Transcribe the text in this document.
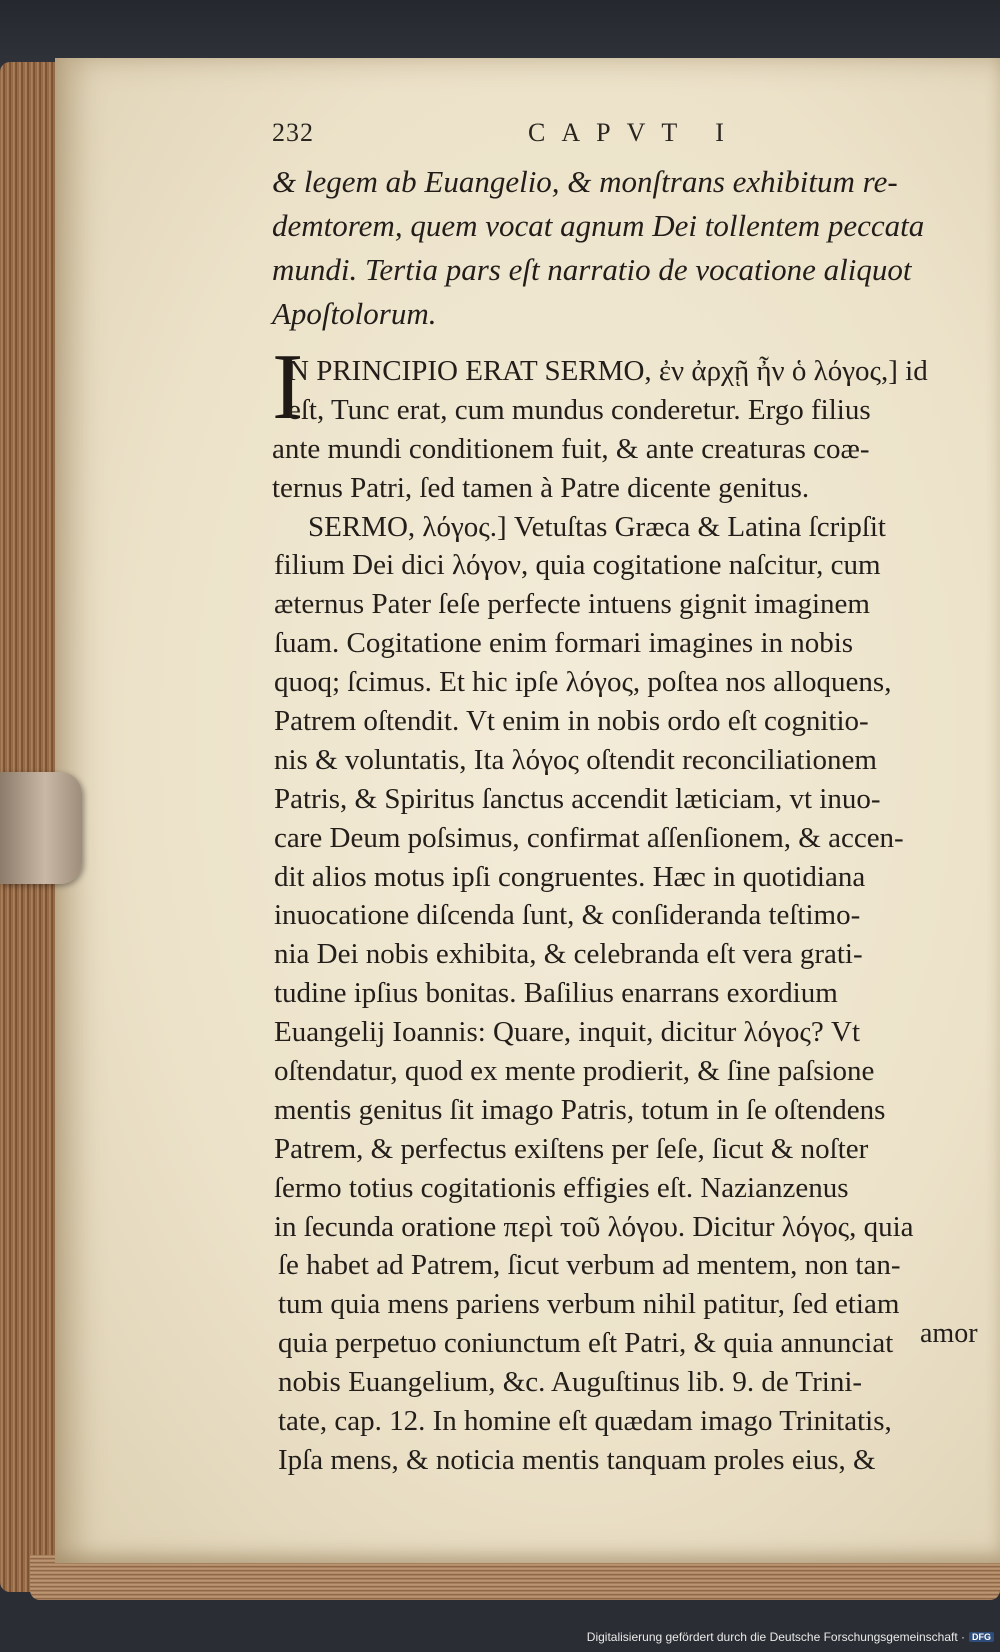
232	CAPVT I
& legem ab Euangelio, & monſtrans exhibitum re-
demtorem, quem vocat agnum Dei tollentem peccata
mundi. Tertia pars eſt narratio de vocatione aliquot
Apoſtolorum.
I
N PRINCIPIO ERAT SERMO, ἐν ἀρχῇ ἦν ὁ λόγος,] id
eſt, Tunc erat, cum mundus conderetur. Ergo filius
ante mundi conditionem fuit, & ante creaturas coæ-
ternus Patri, ſed tamen à Patre dicente genitus.
SERMO, λόγος.] Vetuſtas Græca & Latina ſcripſit
filium Dei dici λόγον, quia cogitatione naſcitur, cum
æternus Pater ſeſe perfecte intuens gignit imaginem
ſuam. Cogitatione enim formari imagines in nobis
quoq; ſcimus. Et hic ipſe λόγος, poſtea nos alloquens,
Patrem oſtendit. Vt enim in nobis ordo eſt cognitio-
nis & voluntatis, Ita λόγος oſtendit reconciliationem
Patris, & Spiritus ſanctus accendit læticiam, vt inuo-
care Deum poſsimus, confirmat aſſenſionem, & accen-
dit alios motus ipſi congruentes. Hæc in quotidiana
inuocatione diſcenda ſunt, & conſideranda teſtimo-
nia Dei nobis exhibita, & celebranda eſt vera grati-
tudine ipſius bonitas. Baſilius enarrans exordium
Euangelij Ioannis: Quare, inquit, dicitur λόγος? Vt
oſtendatur, quod ex mente prodierit, & ſine paſsione
mentis genitus ſit imago Patris, totum in ſe oſtendens
Patrem, & perfectus exiſtens per ſeſe, ſicut & noſter
ſermo totius cogitationis effigies eſt. Nazianzenus
in ſecunda oratione περὶ τοῦ λόγου. Dicitur λόγος, quia
ſe habet ad Patrem, ſicut verbum ad mentem, non tan-
tum quia mens pariens verbum nihil patitur, ſed etiam
quia perpetuo coniunctum eſt Patri, & quia annunciat
nobis Euangelium, &c. Auguſtinus lib. 9. de Trini-
tate, cap. 12. In homine eſt quædam imago Trinitatis,
Ipſa mens, & noticia mentis tanquam proles eius, &
amor
Digitalisierung gefördert durch die Deutsche Forschungsgemeinschaft · DFG
